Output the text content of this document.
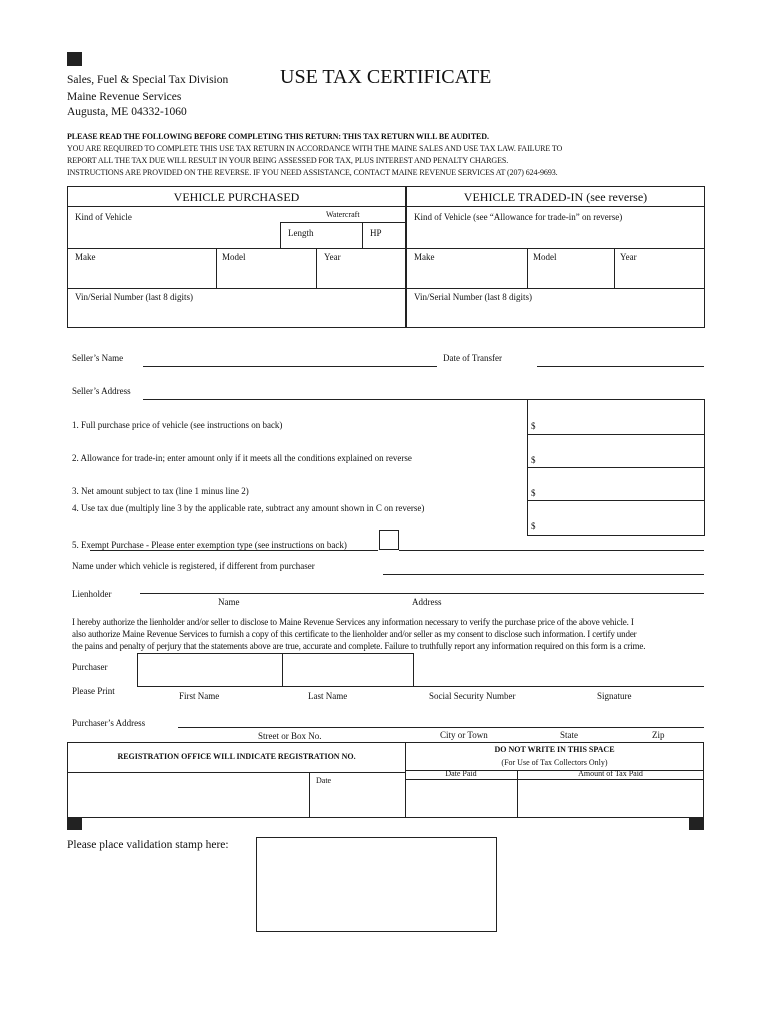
Sales, Fuel & Special Tax Division
Maine Revenue Services
Augusta, ME 04332-1060
USE TAX CERTIFICATE
PLEASE READ THE FOLLOWING BEFORE COMPLETING THIS RETURN: THIS TAX RETURN WILL BE AUDITED.
YOU ARE REQUIRED TO COMPLETE THIS USE TAX RETURN IN ACCORDANCE WITH THE MAINE SALES AND USE TAX LAW. FAILURE TO
REPORT ALL THE TAX DUE WILL RESULT IN YOUR BEING ASSESSED FOR TAX, PLUS INTEREST AND PENALTY CHARGES.
INSTRUCTIONS ARE PROVIDED ON THE REVERSE. IF YOU NEED ASSISTANCE, CONTACT MAINE REVENUE SERVICES AT (207) 624-9693.
VEHICLE PURCHASED	VEHICLE TRADED-IN (see reverse)
Kind of Vehicle	Watercraft
Length	HP
Kind of Vehicle (see “Allowance for trade-in” on reverse)
Make	Model	Year	Make	Model	Year
Vin/Serial Number (last 8 digits)	Vin/Serial Number (last 8 digits)
Seller’s Name	Date of Transfer
Seller’s Address
1. Full purchase price of vehicle (see instructions on back)	$
2. Allowance for trade-in; enter amount only if it meets all the conditions explained on reverse	$
3. Net amount subject to tax (line 1 minus line 2)	$
4. Use tax due (multiply line 3 by the applicable rate, subtract any amount shown in C on reverse)
$
5. Exempt Purchase - Please enter exemption type (see instructions on back)
Name under which vehicle is registered, if different from purchaser
Lienholder
Name	Address
I hereby authorize the lienholder and/or seller to disclose to Maine Revenue Services any information necessary to verify the purchase price of the above vehicle. I
also authorize Maine Revenue Services to furnish a copy of this certificate to the lienholder and/or seller as my consent to disclose such information. I certify under
the pains and penalty of perjury that the statements above are true, accurate and complete. Failure to truthfully report any information required on this form is a crime.
Purchaser
Please Print	First Name	Last Name	Social Security Number	Signature
Purchaser’s Address
Street or Box No.	City or Town	State	Zip
REGISTRATION OFFICE WILL INDICATE REGISTRATION NO.
Date
DO NOT WRITE IN THIS SPACE
(For Use of Tax Collectors Only)
Date Paid	Amount of Tax Paid
Please place validation stamp here:
